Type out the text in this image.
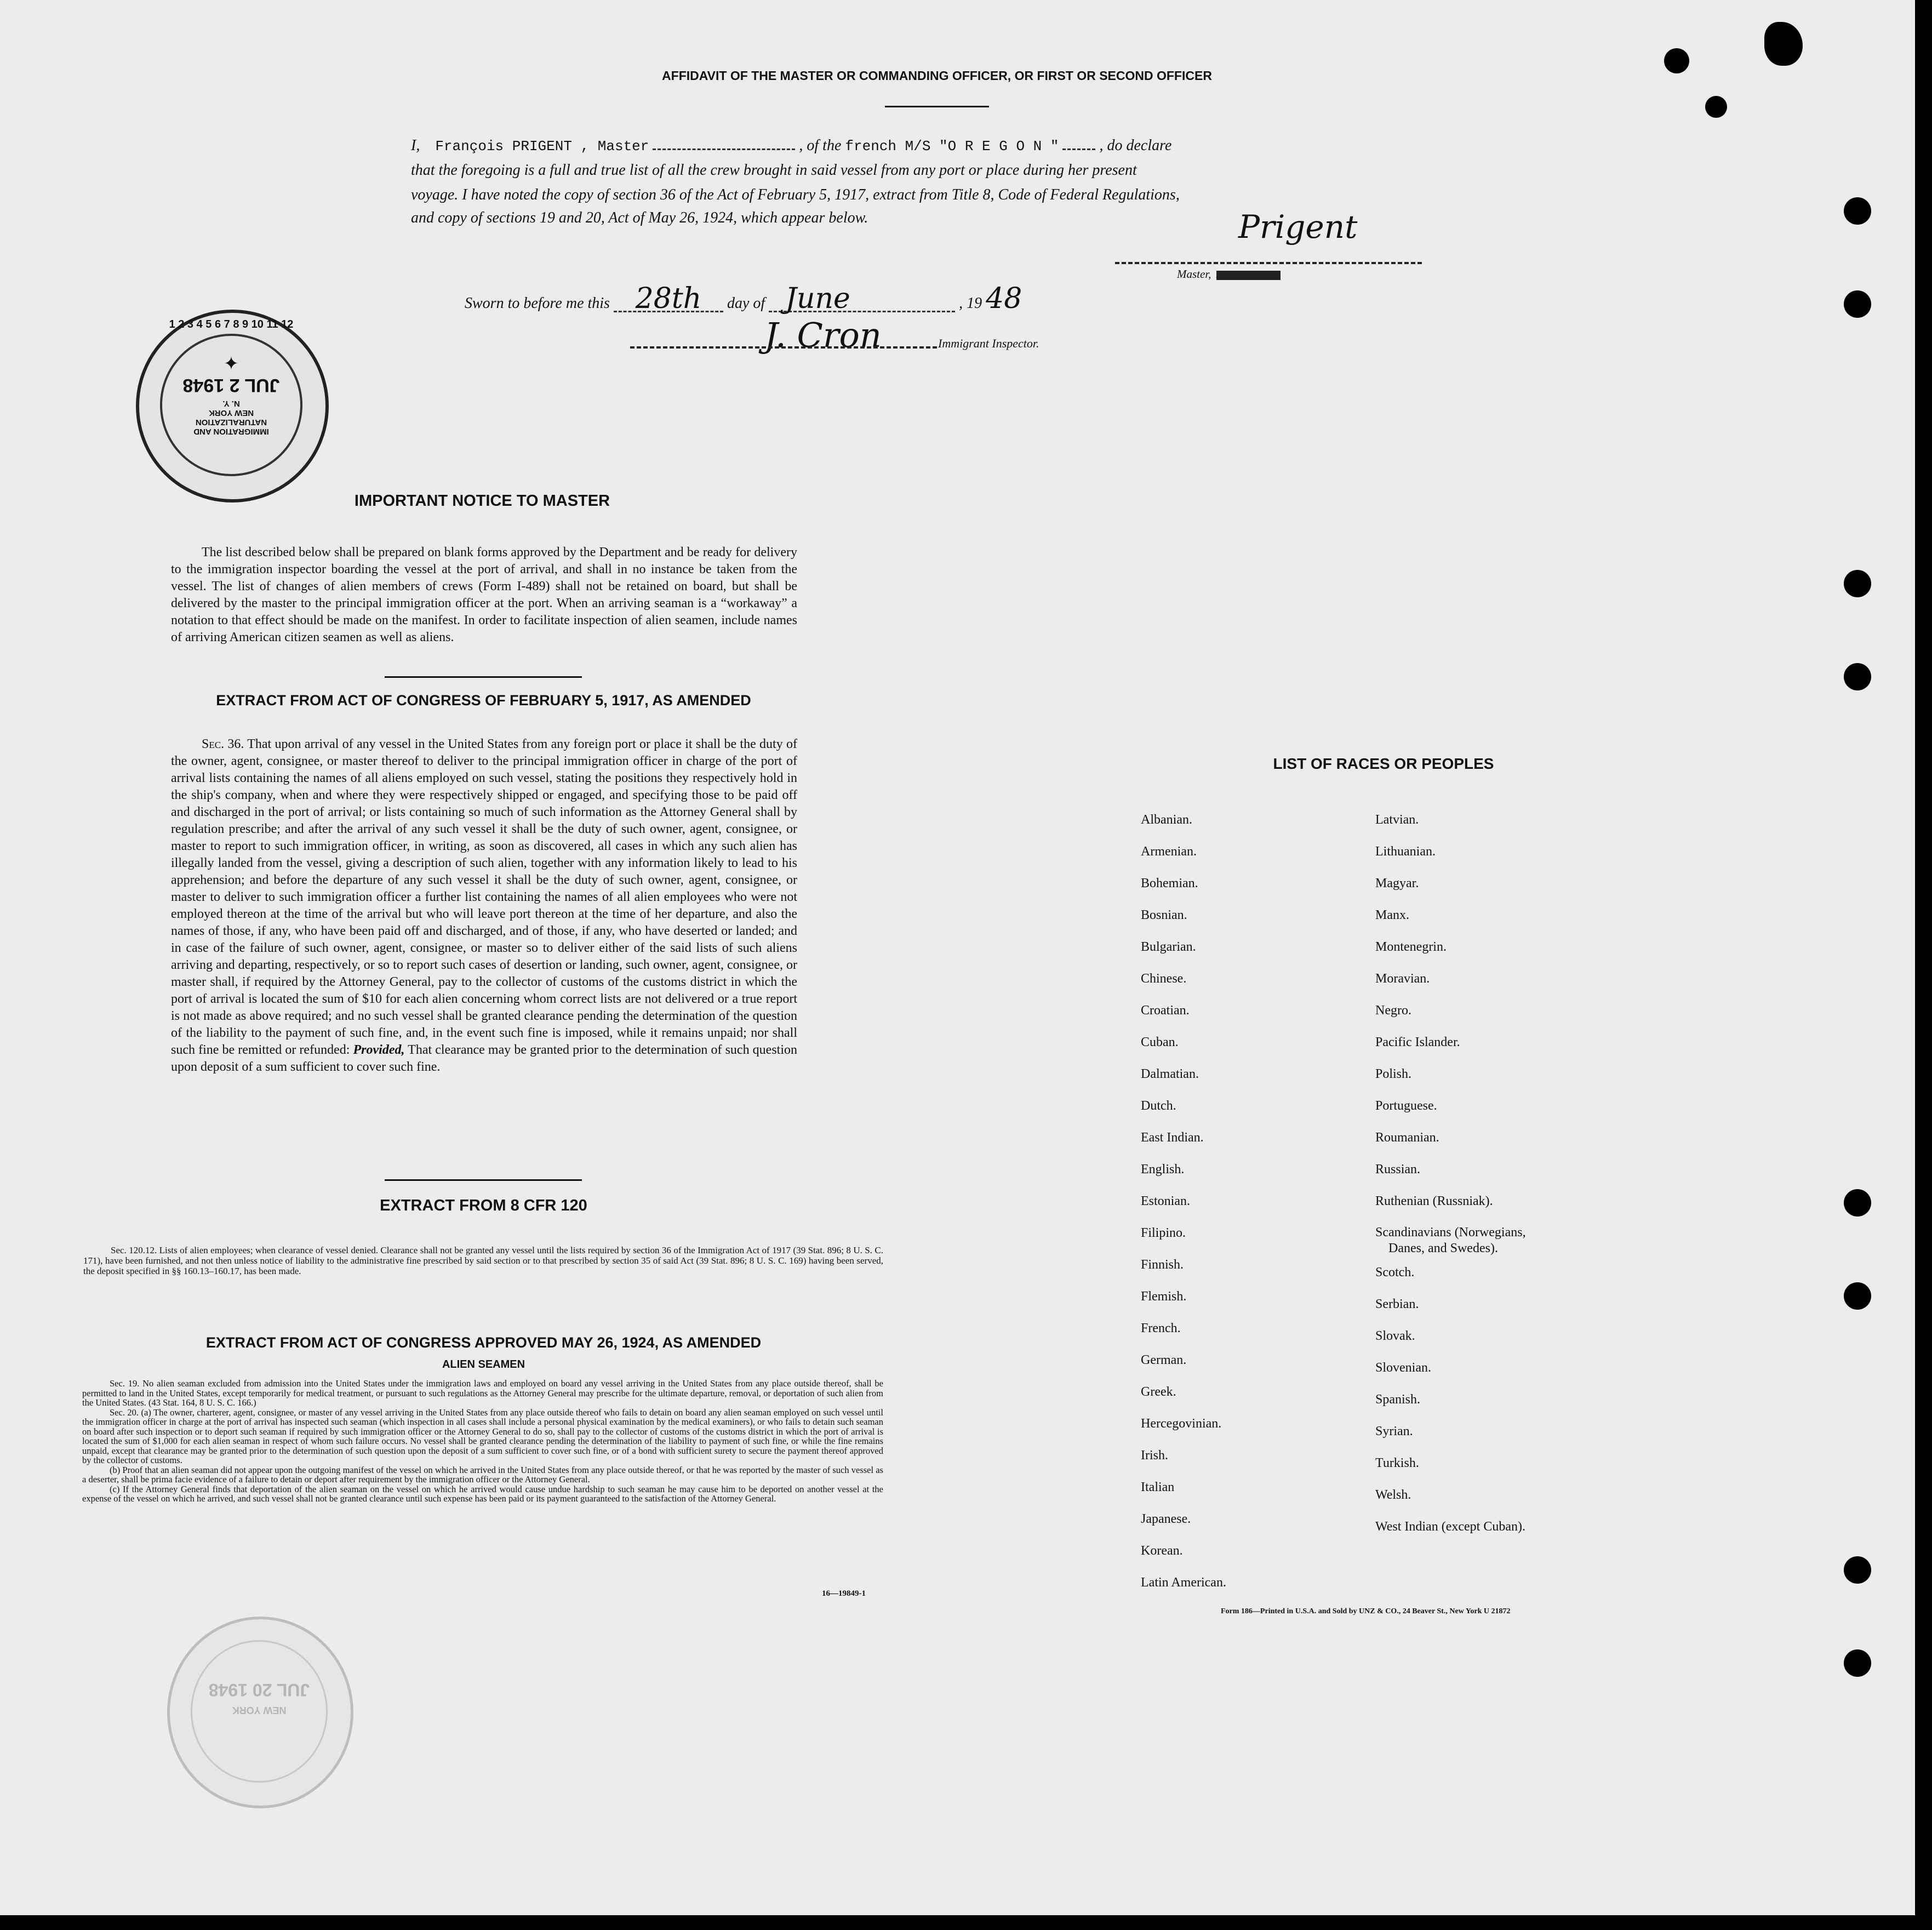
AFFIDAVIT OF THE MASTER OR COMMANDING OFFICER, OR FIRST OR SECOND OFFICER
I, François PRIGENT , Master	, of the french M/S "O R E G O N "	, do declare
that the foregoing is a full and true list of all the crew brought in said vessel from any port or place during her present
voyage. I have noted the copy of section 36 of the Act of February 5, 1917, extract from Title 8, Code of Federal Regulations,
and copy of sections 19 and 20, Act of May 26, 1924, which appear below.	Prigent
Master, XXXXXXXXXXXX
Sworn to before me this 28th day of June	, 19 48
J. Cron	Immigrant Inspector.
1 2 3 4 5 6 7 8 9 10 11 12
IMMIGRATION AND
NATURALIZATION
NEW YORK
N. Y.
JUL 2 1948
✦
NEW YORK
JUL 20 1948
IMPORTANT NOTICE TO MASTER
The list described below shall be prepared on blank forms approved by the Department and be ready for delivery to the immigration inspector boarding the vessel at the port of arrival, and shall in no instance be taken from the vessel. The list of changes of alien members of crews (Form I-489) shall not be retained on board, but shall be delivered by the master to the principal immigration officer at the port. When an arriving seaman is a “workaway” a notation to that effect should be made on the manifest. In order to facilitate inspection of alien seamen, include names of arriving American citizen seamen as well as aliens.
EXTRACT FROM ACT OF CONGRESS OF FEBRUARY 5, 1917, AS AMENDED
Sec. 36. That upon arrival of any vessel in the United States from any foreign port or place it shall be the duty of the owner, agent, consignee, or master thereof to deliver to the principal immigration officer in charge of the port of arrival lists containing the names of all aliens employed on such vessel, stating the positions they respectively hold in the ship's company, when and where they were respectively shipped or engaged, and specifying those to be paid off and discharged in the port of arrival; or lists containing so much of such information as the Attorney General shall by regulation prescribe; and after the arrival of any such vessel it shall be the duty of such owner, agent, consignee, or master to report to such immigration officer, in writing, as soon as discovered, all cases in which any such alien has illegally landed from the vessel, giving a description of such alien, together with any information likely to lead to his apprehension; and before the departure of any such vessel it shall be the duty of such owner, agent, consignee, or master to deliver to such immigration officer a further list containing the names of all alien employees who were not employed thereon at the time of the arrival but who will leave port thereon at the time of her departure, and also the names of those, if any, who have been paid off and discharged, and of those, if any, who have deserted or landed; and in case of the failure of such owner, agent, consignee, or master so to deliver either of the said lists of such aliens arriving and departing, respectively, or so to report such cases of desertion or landing, such owner, agent, consignee, or master shall, if required by the Attorney General, pay to the collector of customs of the customs district in which the port of arrival is located the sum of $10 for each alien concerning whom correct lists are not delivered or a true report is not made as above required; and no such vessel shall be granted clearance pending the determination of the question of the liability to the payment of such fine, and, in the event such fine is imposed, while it remains unpaid; nor shall such fine be remitted or refunded: Provided, That clearance may be granted prior to the determination of such question upon deposit of a sum sufficient to cover such fine.
EXTRACT FROM 8 CFR 120
Sec. 120.12. Lists of alien employees; when clearance of vessel denied. Clearance shall not be granted any vessel until the lists required by section 36 of the Immigration Act of 1917 (39 Stat. 896; 8 U. S. C. 171), have been furnished, and not then unless notice of liability to the administrative fine prescribed by said section or to that prescribed by section 35 of said Act (39 Stat. 896; 8 U. S. C. 169) having been served, the deposit specified in §§ 160.13–160.17, has been made.
EXTRACT FROM ACT OF CONGRESS APPROVED MAY 26, 1924, AS AMENDED
ALIEN SEAMEN
Sec. 19. No alien seaman excluded from admission into the United States under the immigration laws and employed on board any vessel arriving in the United States from any place outside thereof, shall be permitted to land in the United States, except temporarily for medical treatment, or pursuant to such regulations as the Attorney General may prescribe for the ultimate departure, removal, or deportation of such alien from the United States. (43 Stat. 164, 8 U. S. C. 166.)
Sec. 20. (a) The owner, charterer, agent, consignee, or master of any vessel arriving in the United States from any place outside thereof who fails to detain on board any alien seaman employed on such vessel until the immigration officer in charge at the port of arrival has inspected such seaman (which inspection in all cases shall include a personal physical examination by the medical examiners), or who fails to detain such seaman on board after such inspection or to deport such seaman if required by such immigration officer or the Attorney General to do so, shall pay to the collector of customs of the customs district in which the port of arrival is located the sum of $1,000 for each alien seaman in respect of whom such failure occurs. No vessel shall be granted clearance pending the determination of the liability to payment of such fine, or while the fine remains unpaid, except that clearance may be granted prior to the determination of such question upon the deposit of a sum sufficient to cover such fine, or of a bond with sufficient surety to secure the payment thereof approved by the collector of customs.
(b) Proof that an alien seaman did not appear upon the outgoing manifest of the vessel on which he arrived in the United States from any place outside thereof, or that he was reported by the master of such vessel as a deserter, shall be prima facie evidence of a failure to detain or deport after requirement by the immigration officer or the Attorney General.
(c) If the Attorney General finds that deportation of the alien seaman on the vessel on which he arrived would cause undue hardship to such seaman he may cause him to be deported on another vessel at the expense of the vessel on which he arrived, and such vessel shall not be granted clearance until such expense has been paid or its payment guaranteed to the satisfaction of the Attorney General.
16—19849-1
LIST OF RACES OR PEOPLES
Albanian.
Armenian.
Bohemian.
Bosnian.
Bulgarian.
Chinese.
Croatian.
Cuban.
Dalmatian.
Dutch.
East Indian.
English.
Estonian.
Filipino.
Finnish.
Flemish.
French.
German.
Greek.
Hercegovinian.
Irish.
Italian
Japanese.
Korean.
Latin American.
Latvian.
Lithuanian.
Magyar.
Manx.
Montenegrin.
Moravian.
Negro.
Pacific Islander.
Polish.
Portuguese.
Roumanian.
Russian.
Ruthenian (Russniak).
Scandinavians (Norwegians,
Danes, and Swedes).
Scotch.
Serbian.
Slovak.
Slovenian.
Spanish.
Syrian.
Turkish.
Welsh.
West Indian (except Cuban).
Form 186—Printed in U.S.A. and Sold by UNZ & CO., 24 Beaver St., New York U 21872
